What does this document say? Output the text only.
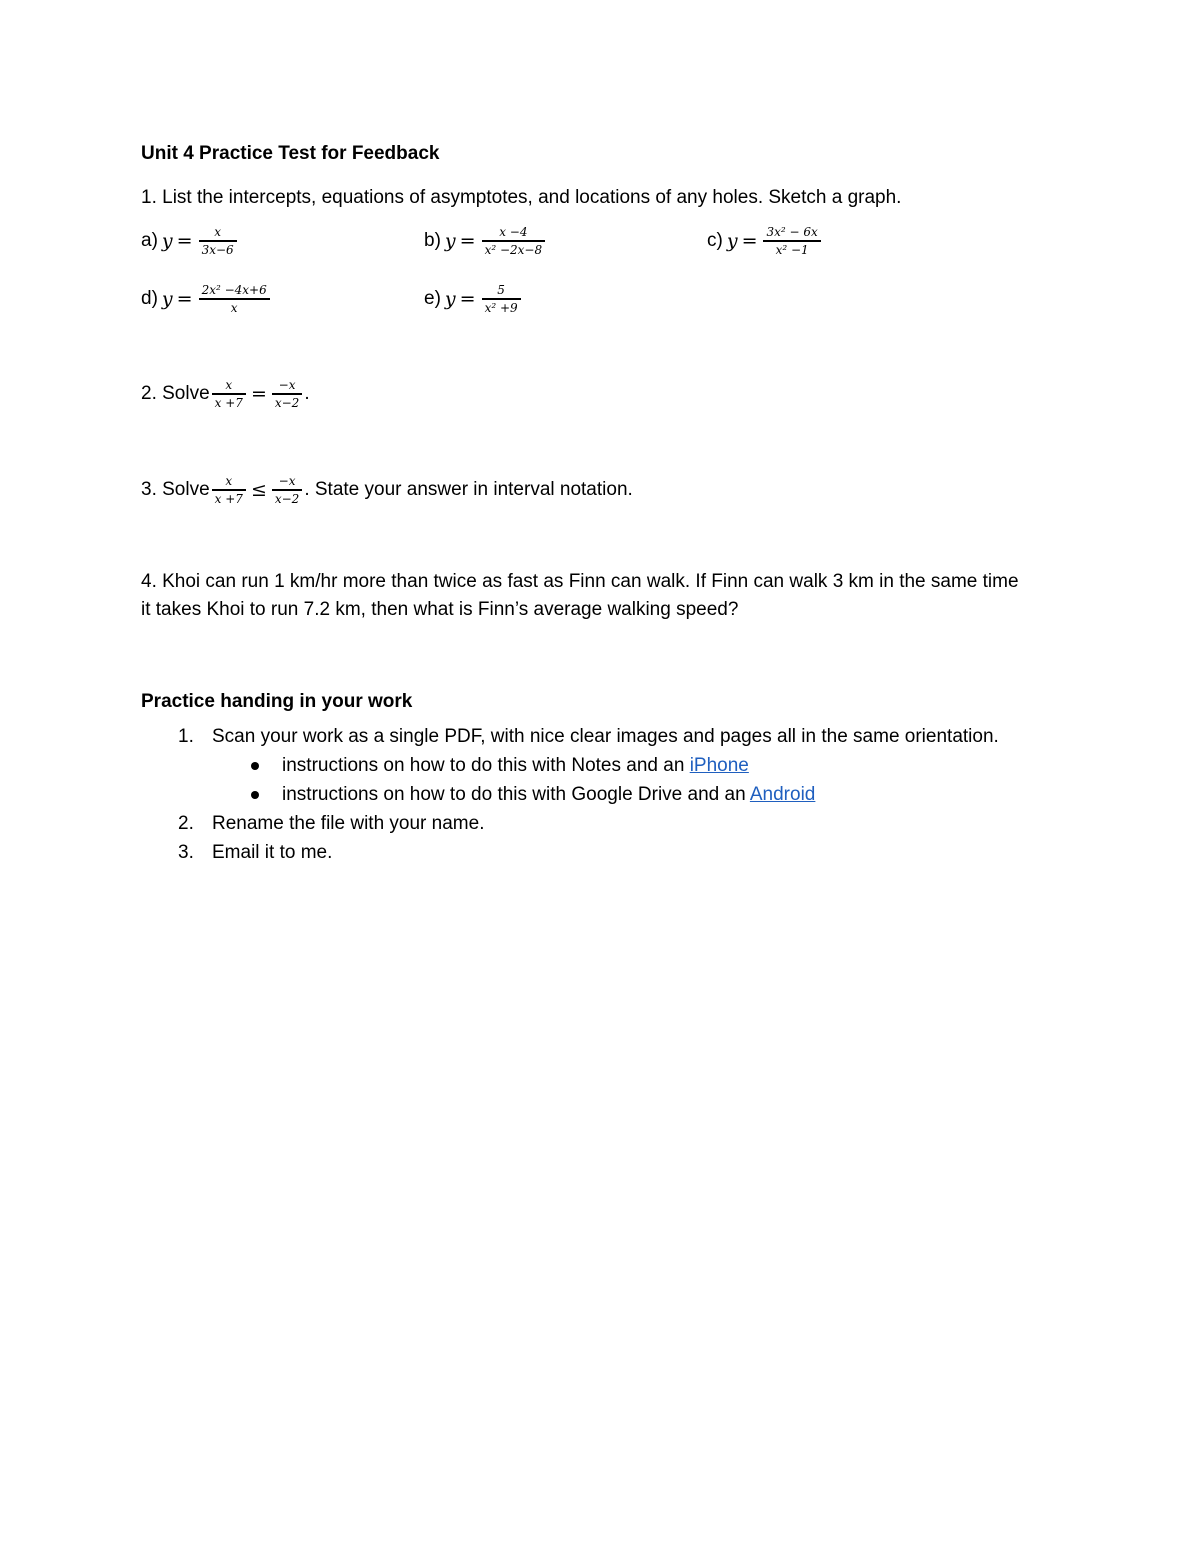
Unit 4 Practice Test for Feedback

1. List the intercepts, equations of asymptotes, and locations of any holes. Sketch a graph.

a) $y = \frac{x}{3x-6}$	b) $y = \frac{x -4}{\text{x² −2x−8}}$	c) $y = \frac{\text{3x² − 6x}}{\text{x² −1}}$
d) $y = \frac{\text{2x² −4x+6}}{x}$	e) $y = \frac{5}{\text{x² +9}}$
2. Solve $\frac{x}{x +7} = \frac{-x}{x-2}$ .
3. Solve $\frac{x}{x +7} \le \frac{-x}{x-2}$ . State your answer in interval notation.
4. Khoi can run 1 km/hr more than twice as fast as Finn can walk. If Finn can walk 3 km in the same time
it takes Khoi to run 7.2 km, then what is Finn’s average walking speed?
Practice handing in your work
1. Scan your work as a single PDF, with nice clear images and pages all in the same orientation.
instructions on how to do this with Notes and an iPhone
instructions on how to do this with Google Drive and an Android
2. Rename the file with your name.
3. Email it to me.
